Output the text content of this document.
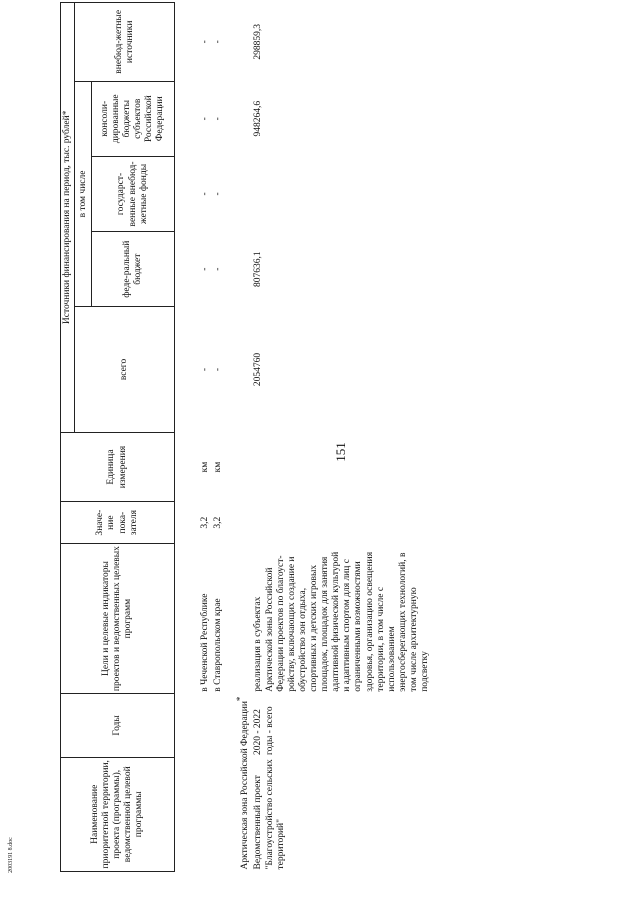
151
2003191 8.doc
Наименование приоритетной территории, проекта (программы), ведомственной целевой программы	Годы	Цели и целевые индикаторы проектов и ведомственных целевых программ	Значе-ние пока-зателя	Единица измерения	Источники финансирования на период, тыс. рублей*				
					всего	в том числе			внебюд-жетные источники
						феде-ральный бюджет	государст-венные внебюд-жетные фонды	консоли-дированные бюджеты субъектов Российской Федерации	

		в Чеченской Республике	3,2	км	-	-	-	-	-
		в Ставропольском крае	3,2	км	-	-	-	-	-
Арктическая зона Российской Федерации*									
Ведомственный проект "Благоустройство сельских территорий"	2020 - 2022 годы - всего	реализация в субъектах Арктической зоны Российской Федерации проектов по благоуст-ройству, включающих создание и обустройство зон отдыха, спортивных и детских игровых площадок, площадок для занятия адаптивной физической культурой и адаптивным спортом для лиц с ограниченными возможностями здоровья, организацию освещения территории, в том числе с использованием энергосберегающих технологий, в том числе архитектурную подсветку			2054760	807636,1		948264,6	298859,3
